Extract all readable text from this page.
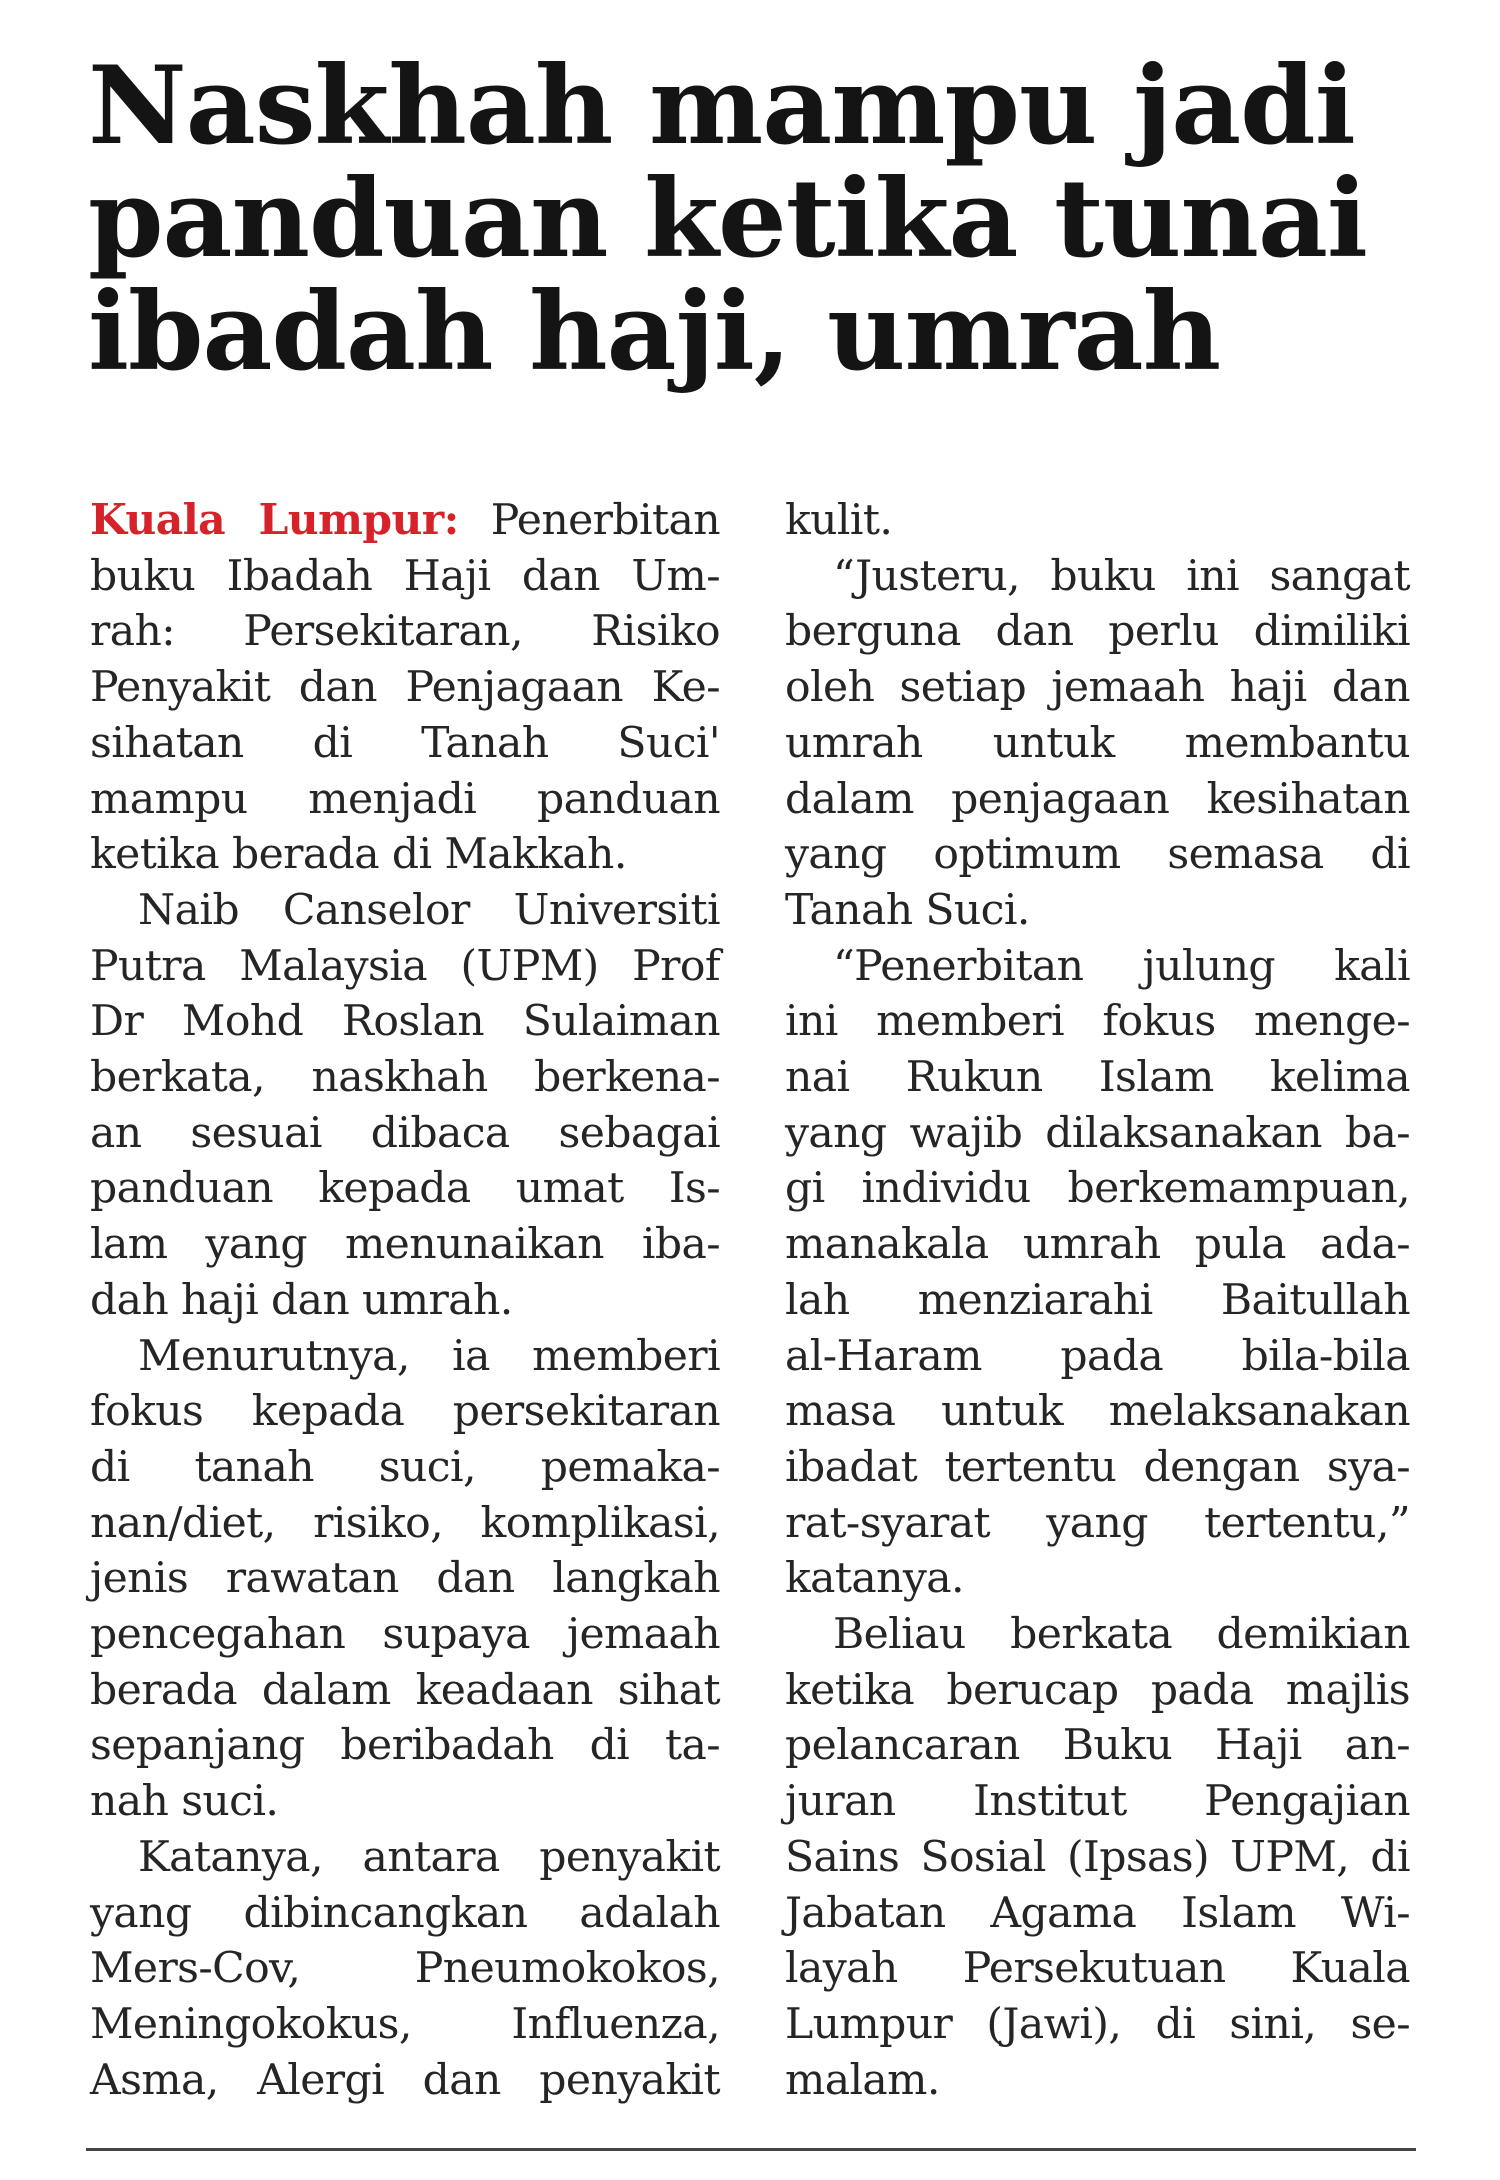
Naskhah mampu jadi
panduan ketika tunai
ibadah haji, umrah
Kuala Lumpur: Penerbitan
buku Ibadah Haji dan Um-
rah: Persekitaran, Risiko
Penyakit dan Penjagaan Ke-
sihatan di Tanah Suci'
mampu menjadi panduan
ketika berada di Makkah.
Naib Canselor Universiti
Putra Malaysia (UPM) Prof
Dr Mohd Roslan Sulaiman
berkata, naskhah berkena-
an sesuai dibaca sebagai
panduan kepada umat Is-
lam yang menunaikan iba-
dah haji dan umrah.
Menurutnya, ia memberi
fokus kepada persekitaran
di tanah suci, pemaka-
nan/diet, risiko, komplikasi,
jenis rawatan dan langkah
pencegahan supaya jemaah
berada dalam keadaan sihat
sepanjang beribadah di ta-
nah suci.
Katanya, antara penyakit
yang dibincangkan adalah
Mers-Cov, Pneumokokos,
Meningokokus, Influenza,
Asma, Alergi dan penyakit
kulit.
“Justeru, buku ini sangat
berguna dan perlu dimiliki
oleh setiap jemaah haji dan
umrah untuk membantu
dalam penjagaan kesihatan
yang optimum semasa di
Tanah Suci.
“Penerbitan julung kali
ini memberi fokus menge-
nai Rukun Islam kelima
yang wajib dilaksanakan ba-
gi individu berkemampuan,
manakala umrah pula ada-
lah menziarahi Baitullah
al-Haram pada bila-bila
masa untuk melaksanakan
ibadat tertentu dengan sya-
rat-syarat yang tertentu,”
katanya.
Beliau berkata demikian
ketika berucap pada majlis
pelancaran Buku Haji an-
juran Institut Pengajian
Sains Sosial (Ipsas) UPM, di
Jabatan Agama Islam Wi-
layah Persekutuan Kuala
Lumpur (Jawi), di sini, se-
malam.
